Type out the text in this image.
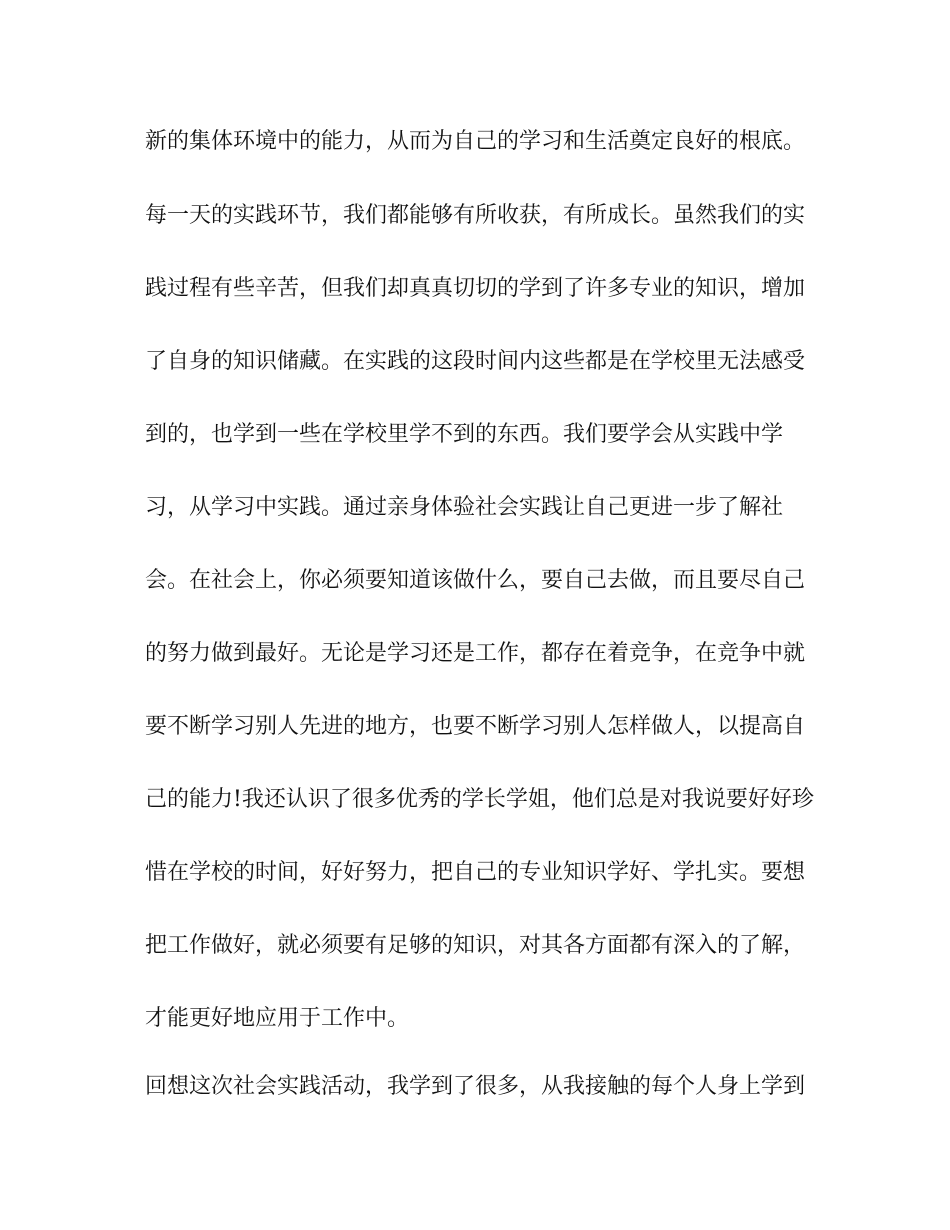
新的集体环境中的能力，从而为自己的学习和生活奠定良好的根底。
每一天的实践环节，我们都能够有所收获，有所成长。虽然我们的实
践过程有些辛苦，但我们却真真切切的学到了许多专业的知识，增加
了自身的知识储藏。在实践的这段时间内这些都是在学校里无法感受
到的，也学到一些在学校里学不到的东西。我们要学会从实践中学
习，从学习中实践。通过亲身体验社会实践让自己更进一步了解社
会。在社会上，你必须要知道该做什么，要自己去做，而且要尽自己
的努力做到最好。无论是学习还是工作，都存在着竞争，在竞争中就
要不断学习别人先进的地方，也要不断学习别人怎样做人，以提高自
己的能力!我还认识了很多优秀的学长学姐，他们总是对我说要好好珍
惜在学校的时间，好好努力，把自己的专业知识学好、学扎实。要想
把工作做好，就必须要有足够的知识，对其各方面都有深入的了解，
才能更好地应用于工作中。
回想这次社会实践活动，我学到了很多，从我接触的每个人身上学到
